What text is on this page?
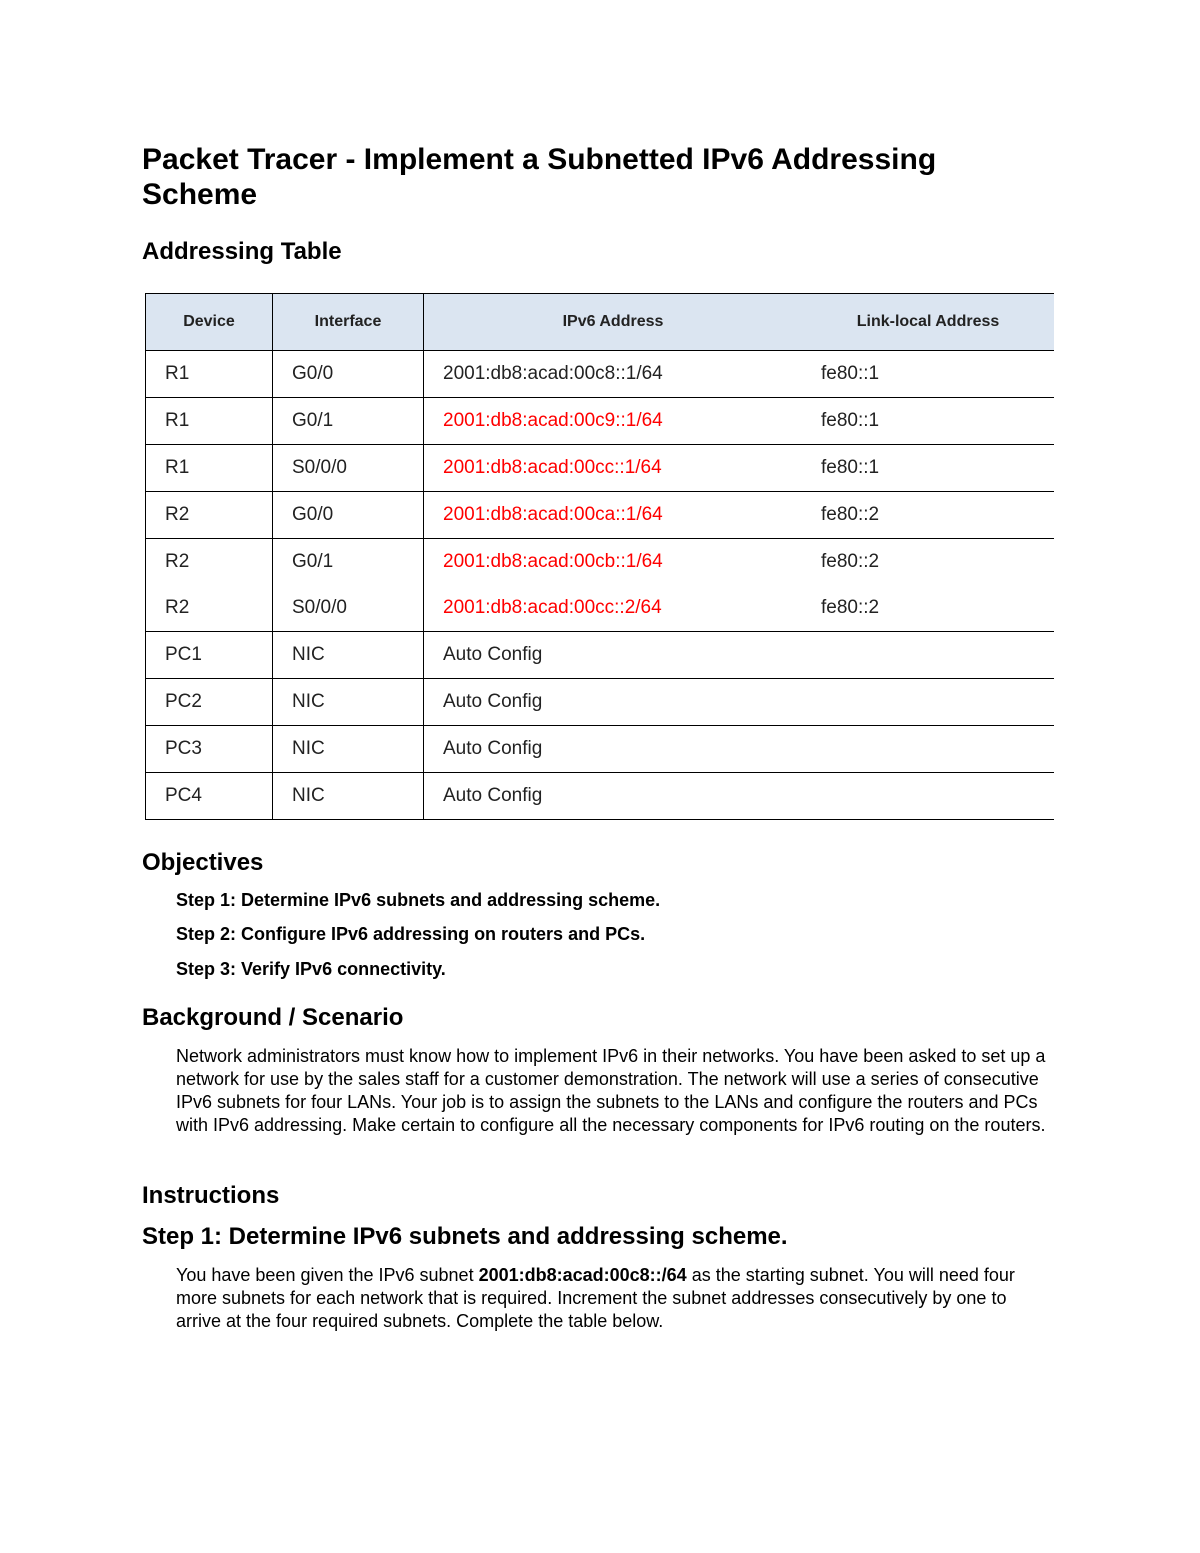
Packet Tracer - Implement a Subnetted IPv6 Addressing Scheme
Addressing Table
Device	Interface	IPv6 Address	Link-local Address
R1	G0/0	2001:db8:acad:00c8::1/64	fe80::1
R1	G0/1	2001:db8:acad:00c9::1/64	fe80::1
R1	S0/0/0	2001:db8:acad:00cc::1/64	fe80::1
R2	G0/0	2001:db8:acad:00ca::1/64	fe80::2
R2	G0/1	2001:db8:acad:00cb::1/64	fe80::2
R2	S0/0/0	2001:db8:acad:00cc::2/64	fe80::2
PC1	NIC	Auto Config	
PC2	NIC	Auto Config	
PC3	NIC	Auto Config	
PC4	NIC	Auto Config	
Objectives

Step 1: Determine IPv6 subnets and addressing scheme.

Step 2: Configure IPv6 addressing on routers and PCs.

Step 3: Verify IPv6 connectivity.

Background / Scenario

Network administrators must know how to implement IPv6 in their networks. You have been asked to set up a network for use by the sales staff for a customer demonstration. The network will use a series of consecutive IPv6 subnets for four LANs. Your job is to assign the subnets to the LANs and configure the routers and PCs with IPv6 addressing. Make certain to configure all the necessary components for IPv6 routing on the routers.

Instructions
Step 1: Determine IPv6 subnets and addressing scheme.

You have been given the IPv6 subnet 2001:db8:acad:00c8::/64 as the starting subnet. You will need four more subnets for each network that is required. Increment the subnet addresses consecutively by one to arrive at the four required subnets. Complete the table below.
